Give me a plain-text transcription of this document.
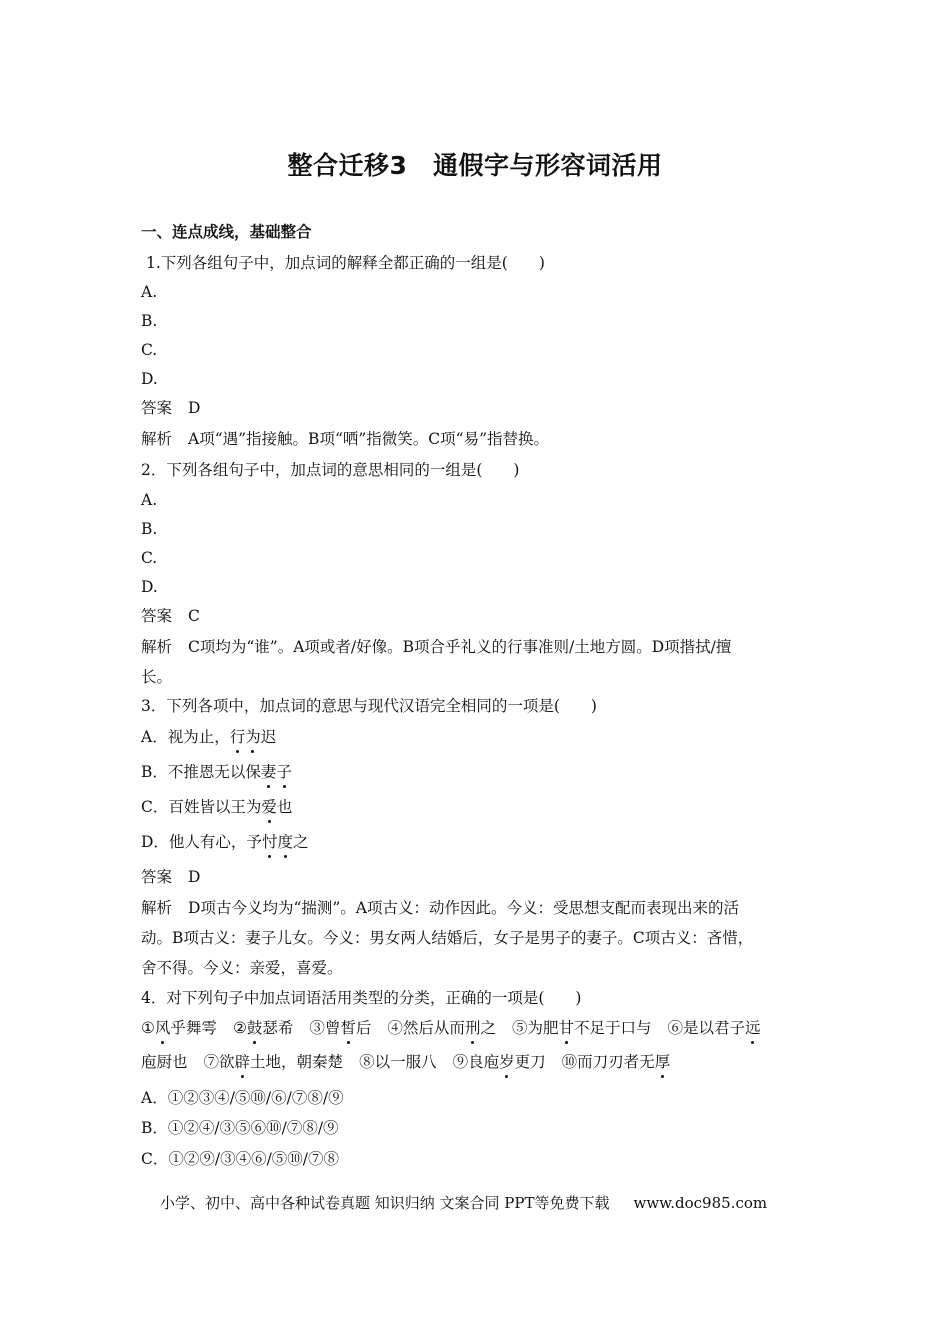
整合迁移3　通假字与形容词活用
一、连点成线，基础整合
1.下列各组句子中，加点词的解释全都正确的一组是(　　)
A.
B.
C.
D.
答案 D
解析 A项“遇”指接触。B项“哂”指微笑。C项“易”指替换。
2．下列各组句子中，加点词的意思相同的一组是(　　)
A.
B.
C.
D.
答案 C
解析 C项均为“谁”。A项或者/好像。B项合乎礼义的行事准则/土地方圆。D项揩拭/擅
长。
3．下列各项中，加点词的意思与现代汉语完全相同的一项是(　　)
A．视为止，行为迟
B．不推恩无以保妻子
C．百姓皆以王为爱也
D．他人有心，予忖度之
答案 D
解析 D项古今义均为“揣测”。A项古义：动作因此。今义：受思想支配而表现出来的活
动。B项古义：妻子儿女。今义：男女两人结婚后，女子是男子的妻子。C项古义：吝惜，
舍不得。今义：亲爱，喜爱。
4．对下列句子中加点词语活用类型的分类，正确的一项是(　　)
①风乎舞雩 ②鼓瑟希 ③曾皙后 ④然后从而刑之 ⑤为肥甘不足于口与 ⑥是以君子远
庖厨也 ⑦欲辟土地，朝秦楚 ⑧以一服八 ⑨良庖岁更刀 ⑩而刀刃者无厚
A．①②③④/⑤⑩/⑥/⑦⑧/⑨
B．①②④/③⑤⑥⑩/⑦⑧/⑨
C．①②⑨/③④⑥/⑤⑩/⑦⑧
小学、初中、高中各种试卷真题 知识归纳 文案合同 PPT等免费下载 www.doc985.com
